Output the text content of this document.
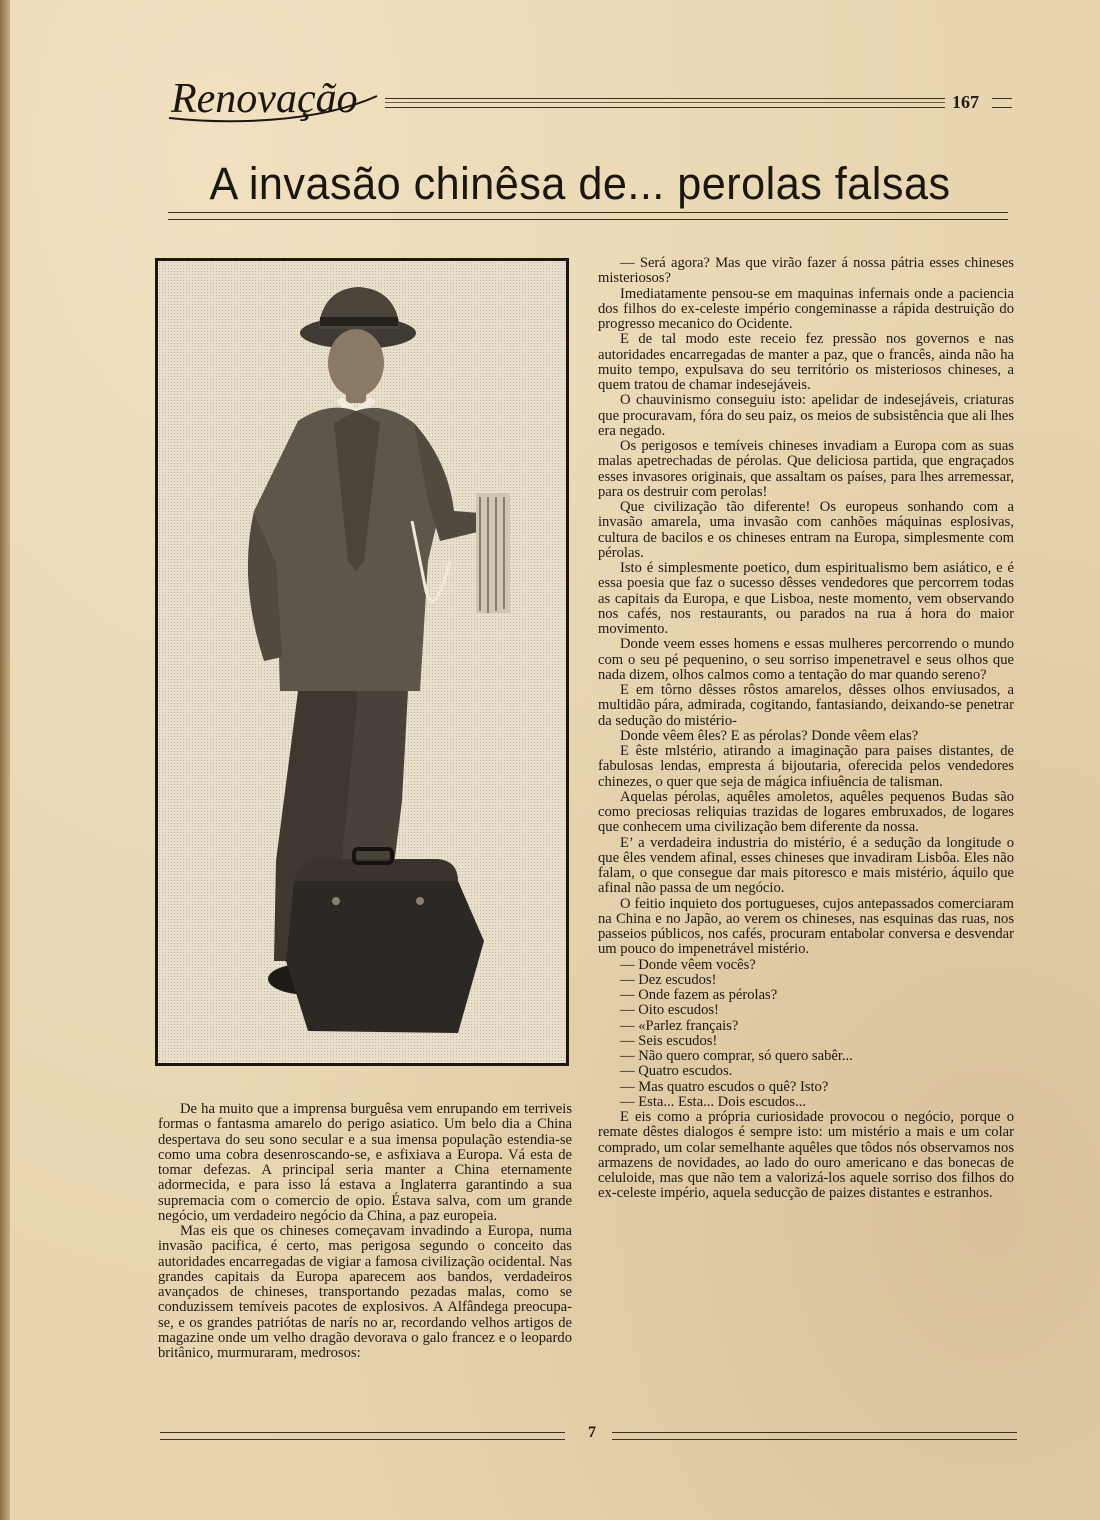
Renovação	167
A invasão chinêsa de... perolas falsas

— Será agora? Mas que virão fazer á nossa pátria esses chineses misteriosos?

Imediatamente pensou-se em maquinas infernais onde a paciencia dos filhos do ex-celeste império congeminasse a rápida destruição do progresso mecanico do Ocidente.

E de tal modo este receio fez pressão nos governos e nas autoridades encarregadas de manter a paz, que o francês, ainda não ha muito tempo, expulsava do seu território os misteriosos chineses, a quem tratou de chamar indesejáveis.

O chauvinismo conseguiu isto: apelidar de indesejáveis, criaturas que procuravam, fóra do seu paiz, os meios de subsistência que ali lhes era negado.

Os perigosos e temíveis chineses invadiam a Europa com as suas malas apetrechadas de pérolas. Que deliciosa partida, que engraçados esses invasores originais, que assaltam os países, para lhes arremessar, para os destruir com perolas!

Que civilização tão diferente! Os europeus sonhando com a invasão amarela, uma invasão com canhões máquinas esplosivas, cultura de bacilos e os chineses entram na Europa, simplesmente com pérolas.

Isto é simplesmente poetico, dum espiritualismo bem asiático, e é essa poesia que faz o sucesso dêsses vendedores que percorrem todas as capitais da Europa, e que Lisboa, neste momento, vem observando nos cafés, nos restaurants, ou parados na rua á hora do maior movimento.

Donde veem esses homens e essas mulheres percorrendo o mundo com o seu pé pequenino, o seu sorriso impenetravel e seus olhos que nada dizem, olhos calmos como a tentação do mar quando sereno?

E em tôrno dêsses rôstos amarelos, dêsses olhos enviusados, a multidão pára, admirada, cogitando, fantasiando, deixando-se penetrar da sedução do mistério-

Donde vêem êles? E as pérolas? Donde vêem elas?

E êste mlstério, atirando a imaginação para paises distantes, de fabulosas lendas, empresta á bijoutaria, oferecida pelos vendedores chinezes, o quer que seja de mágica infiuência de talisman.

Aquelas pérolas, aquêles amoletos, aquêles pequenos Budas são como preciosas reliquias trazidas de logares embruxados, de logares que conhecem uma civilização bem diferente da nossa.

E’ a verdadeira industria do mistério, é a sedução da longitude o que êles vendem afinal, esses chineses que invadiram Lisbôa. Eles não falam, o que consegue dar mais pitoresco e mais mistério, áquilo que afinal não passa de um negócio.

O feitio inquieto dos portugueses, cujos antepassados comerciaram na China e no Japão, ao verem os chineses, nas esquinas das ruas, nos passeios públicos, nos cafés, procuram entabolar conversa e desvendar um pouco do impenetrável mistério.

— Donde vêem vocês?

— Dez escudos!

— Onde fazem as pérolas?

— Oito escudos!

— «Parlez français?

— Seis escudos!

— Não quero comprar, só quero sabêr...

— Quatro escudos.

— Mas quatro escudos o quê? Isto?

— Esta... Esta... Dois escudos...

E eis como a própria curiosidade provocou o negócio, porque o remate dêstes dialogos é sempre isto: um mistério a mais e um colar comprado, um colar semelhante aquêles que tôdos nós observamos nos armazens de novidades, ao lado do ouro americano e das bonecas de celuloide, mas que não tem a valorizá-los aquele sorriso dos filhos do ex-celeste império, aquela seducção de paizes distantes e estranhos.

De ha muito que a imprensa burguêsa vem enrupando em terriveis formas o fantasma amarelo do perigo asiatico. Um belo dia a China despertava do seu sono secular e a sua imensa população estendia-se como uma cobra desenroscando-se, e asfixiava a Europa. Vá esta de tomar defezas. A principal seria manter a China eternamente adormecida, e para isso lá estava a Inglaterra garantindo a sua supremacia com o comercio de opio. Éstava salva, com um grande negócio, um verdadeiro negócio da China, a paz europeia.

Mas eis que os chineses começavam invadindo a Europa, numa invasão pacifica, é certo, mas perigosa segundo o conceito das autoridades encarregadas de vigiar a famosa civilização ocidental. Nas grandes capitais da Europa aparecem aos bandos, verdadeiros avançados de chineses, transportando pezadas malas, como se conduzissem temíveis pacotes de explosivos. A Alfândega preocupa-se, e os grandes patriótas de narís no ar, recordando velhos artigos de magazine onde um velho dragão devorava o galo francez e o leopardo britânico, murmuraram, medrosos:

7
